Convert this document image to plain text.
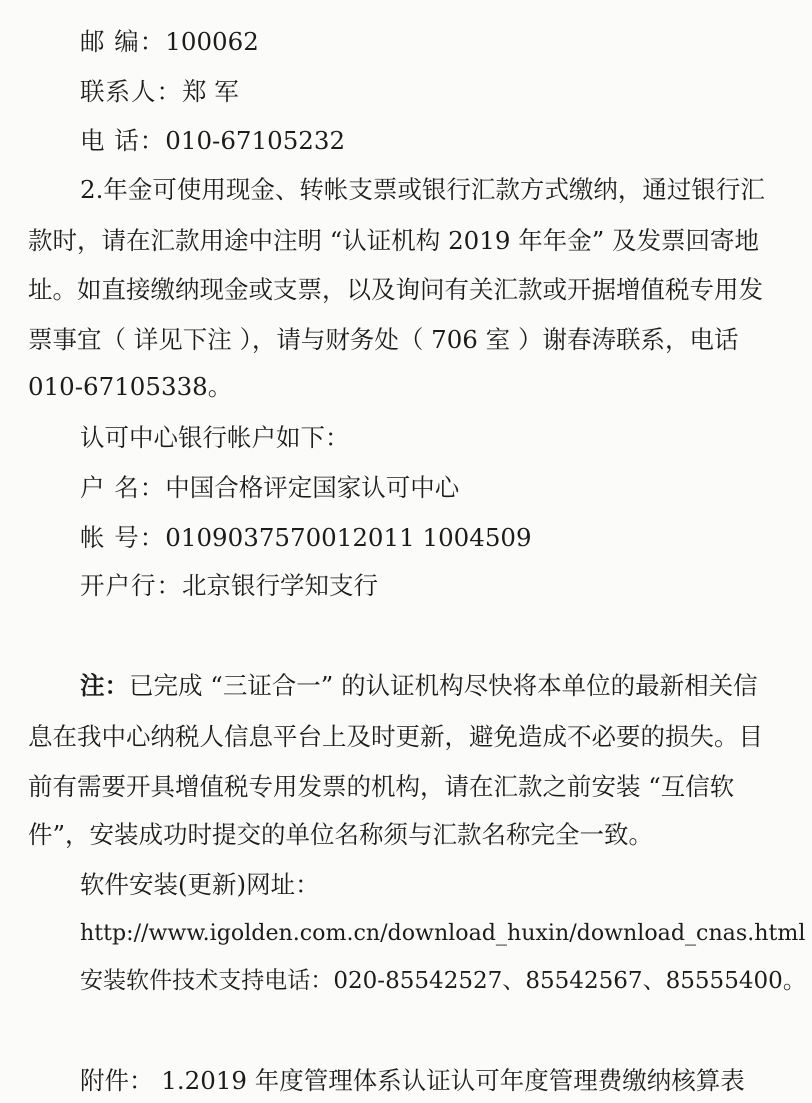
邮 编：100062
联系人：郑 军
电 话：010-67105232
2.年金可使用现金、转帐支票或银行汇款方式缴纳，通过银行汇
款时，请在汇款用途中注明 “认证机构 2019 年年金” 及发票回寄地
址。如直接缴纳现金或支票，以及询问有关汇款或开据增值税专用发
票事宜（ 详见下注 ），请与财务处（ 706 室 ）谢春涛联系，电话
010-67105338。
认可中心银行帐户如下：
户 名：中国合格评定国家认可中心
帐 号：0109037570012011 1004509
开户行：北京银行学知支行
注：已完成 “三证合一” 的认证机构尽快将本单位的最新相关信
息在我中心纳税人信息平台上及时更新，避免造成不必要的损失。目
前有需要开具增值税专用发票的机构，请在汇款之前安装 “互信软
件”，安装成功时提交的单位名称须与汇款名称完全一致。
软件安装(更新)网址：
http://www.igolden.com.cn/download_huxin/download_cnas.html
安装软件技术支持电话：020-85542527、85542567、85555400。
附件： 1.2019 年度管理体系认证认可年度管理费缴纳核算表
